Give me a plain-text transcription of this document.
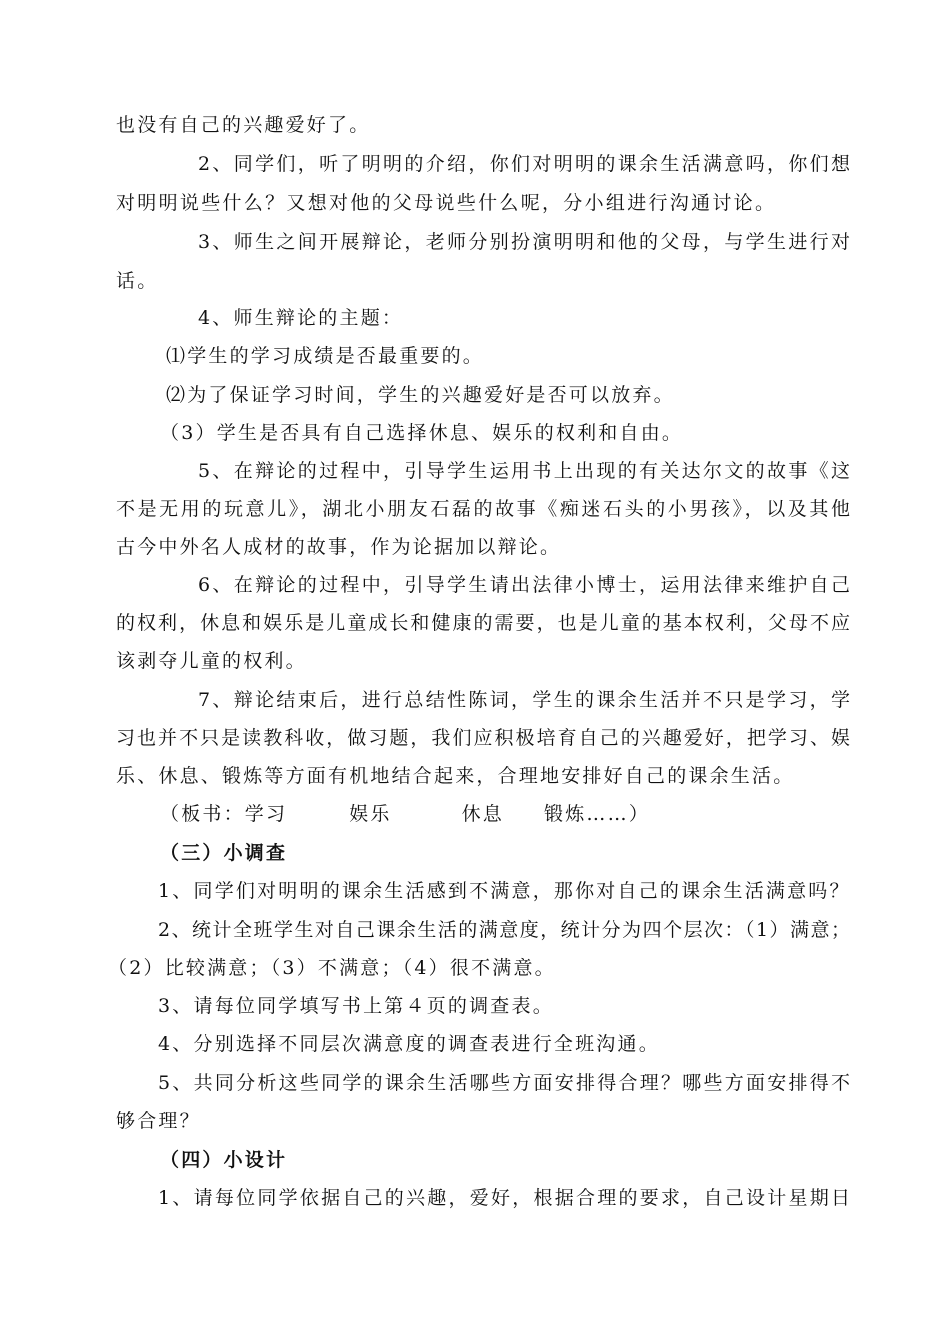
也没有自己的兴趣爱好了。
2、同学们，听了明明的介绍，你们对明明的课余生活满意吗，你们想
对明明说些什么？又想对他的父母说些什么呢，分小组进行沟通讨论。
3、师生之间开展辩论，老师分别扮演明明和他的父母，与学生进行对
话。
4、师生辩论的主题：
⑴学生的学习成绩是否最重要的。
⑵为了保证学习时间，学生的兴趣爱好是否可以放弃。
（3）学生是否具有自己选择休息、娱乐的权利和自由。
5、在辩论的过程中，引导学生运用书上出现的有关达尔文的故事《这
不是无用的玩意儿》，湖北小朋友石磊的故事《痴迷石头的小男孩》，以及其他
古今中外名人成材的故事，作为论据加以辩论。
6、在辩论的过程中，引导学生请出法律小博士，运用法律来维护自己
的权利，休息和娱乐是儿童成长和健康的需要，也是儿童的基本权利，父母不应
该剥夺儿童的权利。
7、辩论结束后，进行总结性陈词，学生的课余生活并不只是学习，学
习也并不只是读教科收，做习题，我们应积极培育自己的兴趣爱好，把学习、娱
乐、休息、锻炼等方面有机地结合起来，合理地安排好自己的课余生活。
（板书：学习	娱乐	休息 锻炼……）
（三）小调查
1、同学们对明明的课余生活感到不满意，那你对自己的课余生活满意吗？
2、统计全班学生对自己课余生活的满意度，统计分为四个层次：（1）满意；
（2）比较满意；（3）不满意；（4）很不满意。
3、请每位同学填写书上第４页的调查表。
4、分别选择不同层次满意度的调查表进行全班沟通。
5、共同分析这些同学的课余生活哪些方面安排得合理？哪些方面安排得不
够合理？
（四）小设计
1、请每位同学依据自己的兴趣，爱好，根据合理的要求，自己设计星期日
